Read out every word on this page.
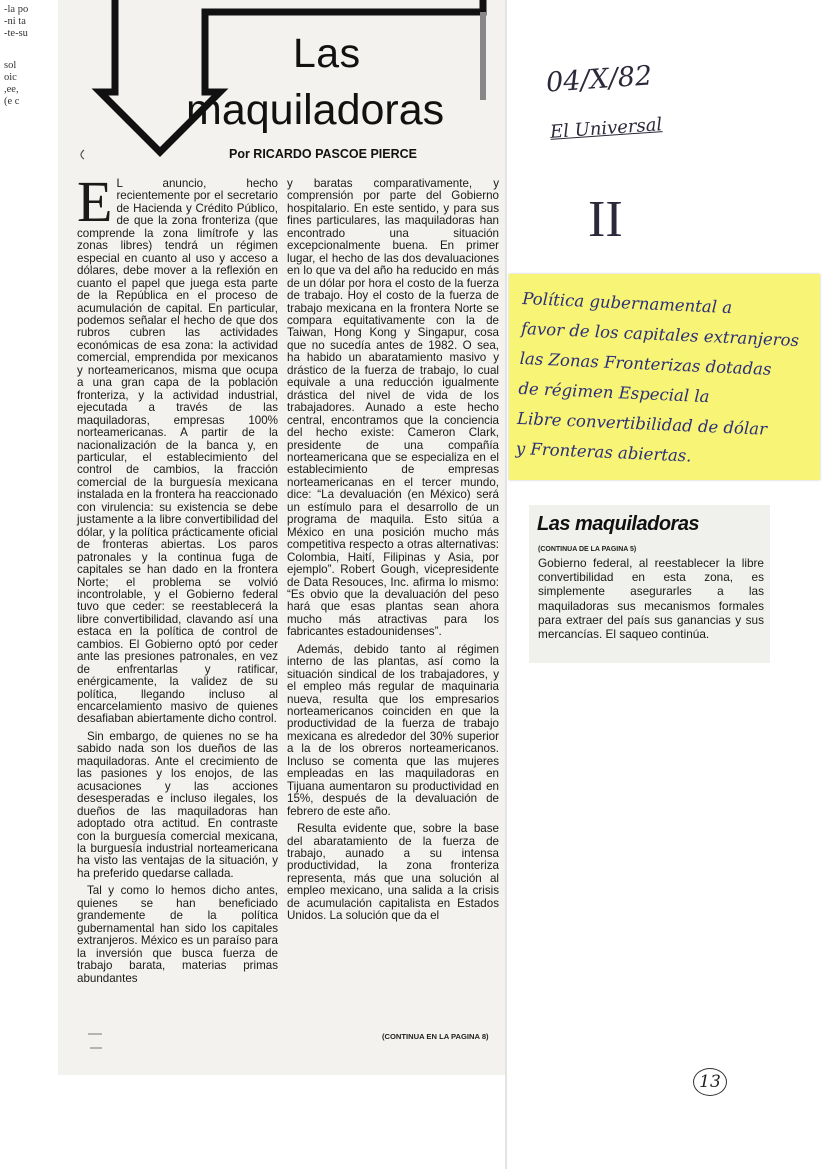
-la po
-ni ta
-te-su
sol
oic
,ee,
(e c
Las
maquiladoras
Por RICARDO PASCOE PIERCE
E L anuncio, hecho recientemente por el secretario de Hacienda y Crédito Público, de que la zona fronteriza (que comprende la zona limítrofe y las zonas libres) tendrá un régimen especial en cuanto al uso y acceso a dólares, debe mover a la reflexión en cuanto el papel que juega esta parte de la República en el proceso de acumulación de capital. En particular, podemos señalar el hecho de que dos rubros cubren las actividades económicas de esa zona: la actividad comercial, emprendida por mexicanos y norteamericanos, misma que ocupa a una gran capa de la población fronteriza, y la actividad industrial, ejecutada a través de las maquiladoras, empresas 100% norteamericanas. A partir de la nacionalización de la banca y, en particular, el establecimiento del control de cambios, la fracción comercial de la burguesía mexicana instalada en la frontera ha reaccionado con virulencia: su existencia se debe justamente a la libre convertibilidad del dólar, y la política prácticamente oficial de fronteras abiertas. Los paros patronales y la continua fuga de capitales se han dado en la frontera Norte; el problema se volvió incontrolable, y el Gobierno federal tuvo que ceder: se reestablecerá la libre convertibilidad, clavando así una estaca en la política de control de cambios. El Gobierno optó por ceder ante las presiones patronales, en vez de enfrentarlas y ratificar, enérgicamente, la validez de su política, llegando incluso al encarcelamiento masivo de quienes desafiaban abiertamente dicho control.

Sin embargo, de quienes no se ha sabido nada son los dueños de las maquiladoras. Ante el crecimiento de las pasiones y los enojos, de las acusaciones y las acciones desesperadas e incluso ilegales, los dueños de las maquiladoras han adoptado otra actitud. En contraste con la burguesía comercial mexicana, la burguesía industrial norteamericana ha visto las ventajas de la situación, y ha preferido quedarse callada.

Tal y como lo hemos dicho antes, quienes se han beneficiado grandemente de la política gubernamental han sido los capitales extranjeros. México es un paraíso para la inversión que busca fuerza de trabajo barata, materias primas abundantes

y baratas comparativamente, y comprensión por parte del Gobierno hospitalario. En este sentido, y para sus fines particulares, las maquiladoras han encontrado una situación excepcionalmente buena. En primer lugar, el hecho de las dos devaluaciones en lo que va del año ha reducido en más de un dólar por hora el costo de la fuerza de trabajo. Hoy el costo de la fuerza de trabajo mexicana en la frontera Norte se compara equitativamente con la de Taiwan, Hong Kong y Singapur, cosa que no sucedía antes de 1982. O sea, ha habido un abaratamiento masivo y drástico de la fuerza de trabajo, lo cual equivale a una reducción igualmente drástica del nivel de vida de los trabajadores. Aunado a este hecho central, encontramos que la conciencia del hecho existe: Cameron Clark, presidente de una compañía norteamericana que se especializa en el establecimiento de empresas norteamericanas en el tercer mundo, dice: “La devaluación (en México) será un estímulo para el desarrollo de un programa de maquila. Esto sitúa a México en una posición mucho más competitiva respecto a otras alternativas: Colombia, Haití, Filipinas y Asia, por ejemplo”. Robert Gough, vicepresidente de Data Resouces, Inc. afirma lo mismo: “Es obvio que la devaluación del peso hará que esas plantas sean ahora mucho más atractivas para los fabricantes estadounidenses”.

Además, debido tanto al régimen interno de las plantas, así como la situación sindical de los trabajadores, y el empleo más regular de maquinaria nueva, resulta que los empresarios norteamericanos coinciden en que la productividad de la fuerza de trabajo mexicana es alrededor del 30% superior a la de los obreros norteamericanos. Incluso se comenta que las mujeres empleadas en las maquiladoras en Tijuana aumentaron su productividad en 15%, después de la devaluación de febrero de este año.

Resulta evidente que, sobre la base del abaratamiento de la fuerza de trabajo, aunado a su intensa productividad, la zona fronteriza representa, más que una solución al empleo mexicano, una salida a la crisis de acumulación capitalista en Estados Unidos. La solución que da el

(CONTINUA EN LA PAGINA 8)
04/X/82
El Universal
II
Política gubernamental a
favor de los capitales extranjeros
las Zonas Fronterizas dotadas
de régimen Especial la
Libre convertibilidad de dólar
y Fronteras abiertas.
Las maquiladoras
(CONTINUA DE LA PAGINA 5)
Gobierno federal, al reestablecer la libre convertibilidad en esta zona, es simplemente asegurarles a las maquiladoras sus mecanismos formales para extraer del país sus ganancias y sus mercancías. El saqueo continúa.
13
